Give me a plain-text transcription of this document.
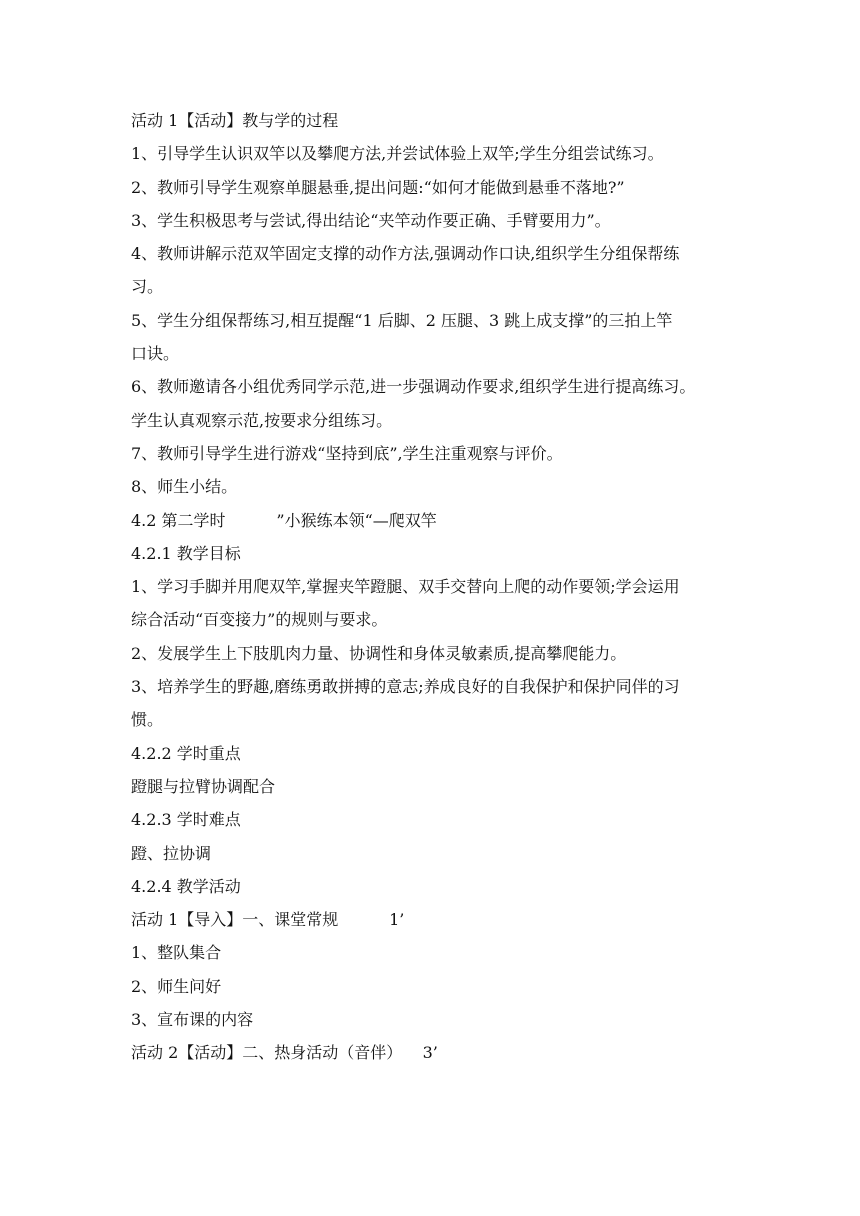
活动 1【活动】教与学的过程
1、引导学生认识双竿以及攀爬方法,并尝试体验上双竿;学生分组尝试练习。
2、教师引导学生观察单腿悬垂,提出问题:“如何才能做到悬垂不落地?”
3、学生积极思考与尝试,得出结论“夹竿动作要正确、手臂要用力”。
4、教师讲解示范双竿固定支撑的动作方法,强调动作口诀,组织学生分组保帮练
习。
5、学生分组保帮练习,相互提醒“1 后脚、2 压腿、3 跳上成支撑”的三拍上竿
口诀。
6、教师邀请各小组优秀同学示范,进一步强调动作要求,组织学生进行提高练习。
学生认真观察示范,按要求分组练习。
7、教师引导学生进行游戏“坚持到底”,学生注重观察与评价。
8、师生小结。
4.2 第二学时          ”小猴练本领“—爬双竿
4.2.1 教学目标
1、学习手脚并用爬双竿,掌握夹竿蹬腿、双手交替向上爬的动作要领;学会运用
综合活动“百变接力”的规则与要求。
2、发展学生上下肢肌肉力量、协调性和身体灵敏素质,提高攀爬能力。
3、培养学生的野趣,磨练勇敢拼搏的意志;养成良好的自我保护和保护同伴的习
惯。
4.2.2 学时重点
蹬腿与拉臂协调配合
4.2.3 学时难点
蹬、拉协调
4.2.4 教学活动
活动 1【导入】一、课堂常规          1’
1、整队集合
2、师生问好
3、宣布课的内容
活动 2【活动】二、热身活动（音伴）    3’
